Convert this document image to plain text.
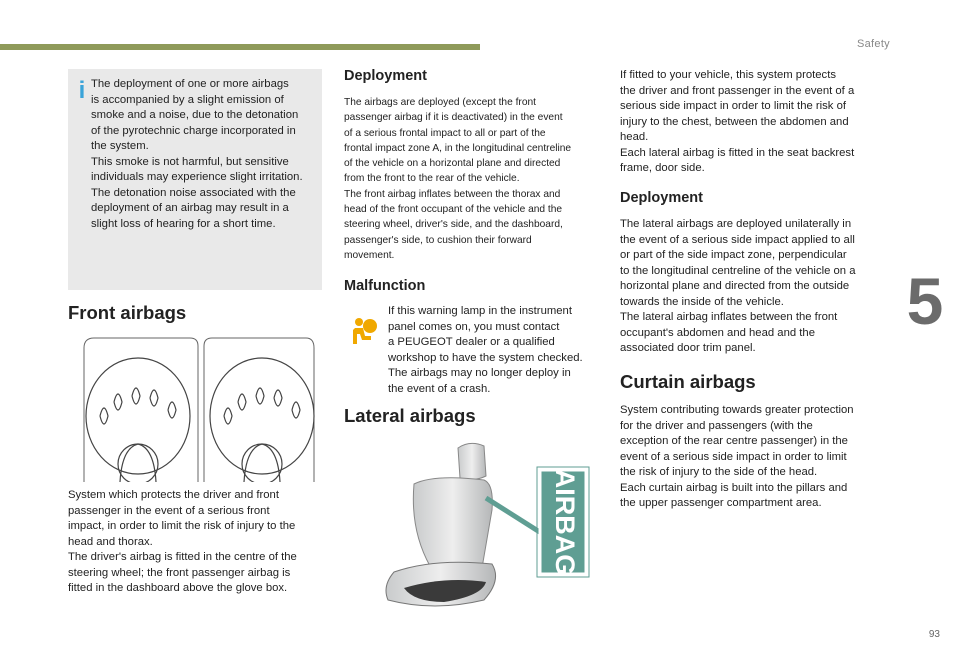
Safety
5
93
i The deployment of one or more airbags
is accompanied by a slight emission of
smoke and a noise, due to the detonation
of the pyrotechnic charge incorporated in
the system.
This smoke is not harmful, but sensitive
individuals may experience slight irritation.
The detonation noise associated with the
deployment of an airbag may result in a
slight loss of hearing for a short time.
Front airbags
System which protects the driver and front
passenger in the event of a serious front
impact, in order to limit the risk of injury to the
head and thorax.
The driver's airbag is fitted in the centre of the
steering wheel; the front passenger airbag is
fitted in the dashboard above the glove box.
Deployment
The airbags are deployed (except the front
passenger airbag if it is deactivated) in the event
of a serious frontal impact to all or part of the
frontal impact zone A, in the longitudinal centreline
of the vehicle on a horizontal plane and directed
from the front to the rear of the vehicle.
The front airbag inflates between the thorax and
head of the front occupant of the vehicle and the
steering wheel, driver's side, and the dashboard,
passenger's side, to cushion their forward
movement.
Malfunction
If this warning lamp in the instrument
panel comes on, you must contact
a PEUGEOT dealer or a qualified
workshop to have the system checked.
The airbags may no longer deploy in
the event of a crash.
Lateral airbags
AIRBAG
If fitted to your vehicle, this system protects
the driver and front passenger in the event of a
serious side impact in order to limit the risk of
injury to the chest, between the abdomen and
head.
Each lateral airbag is fitted in the seat backrest
frame, door side.
Deployment
The lateral airbags are deployed unilaterally in
the event of a serious side impact applied to all
or part of the side impact zone, perpendicular
to the longitudinal centreline of the vehicle on a
horizontal plane and directed from the outside
towards the inside of the vehicle.
The lateral airbag inflates between the front
occupant's abdomen and head and the
associated door trim panel.
Curtain airbags
System contributing towards greater protection
for the driver and passengers (with the
exception of the rear centre passenger) in the
event of a serious side impact in order to limit
the risk of injury to the side of the head.
Each curtain airbag is built into the pillars and
the upper passenger compartment area.
